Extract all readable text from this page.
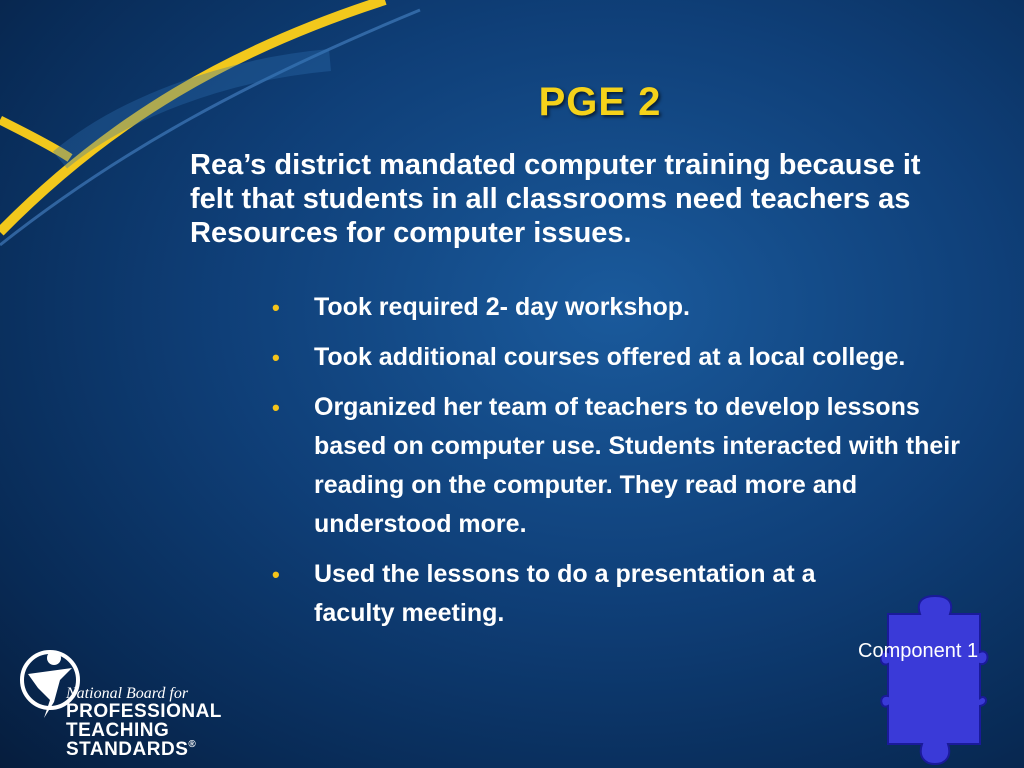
PGE 2
Rea’s district mandated computer training because it felt that students in all classrooms need teachers as Resources for computer issues.
• Took required 2- day workshop.
• Took additional courses offered at a local college.
• Organized her team of teachers to develop lessons based on computer use. Students interacted with their reading on the computer. They read more and understood more.
• Used the lessons to do a presentation at a faculty meeting.
National Board for
PROFESSIONAL
TEACHING
STANDARDS®
Component 1
